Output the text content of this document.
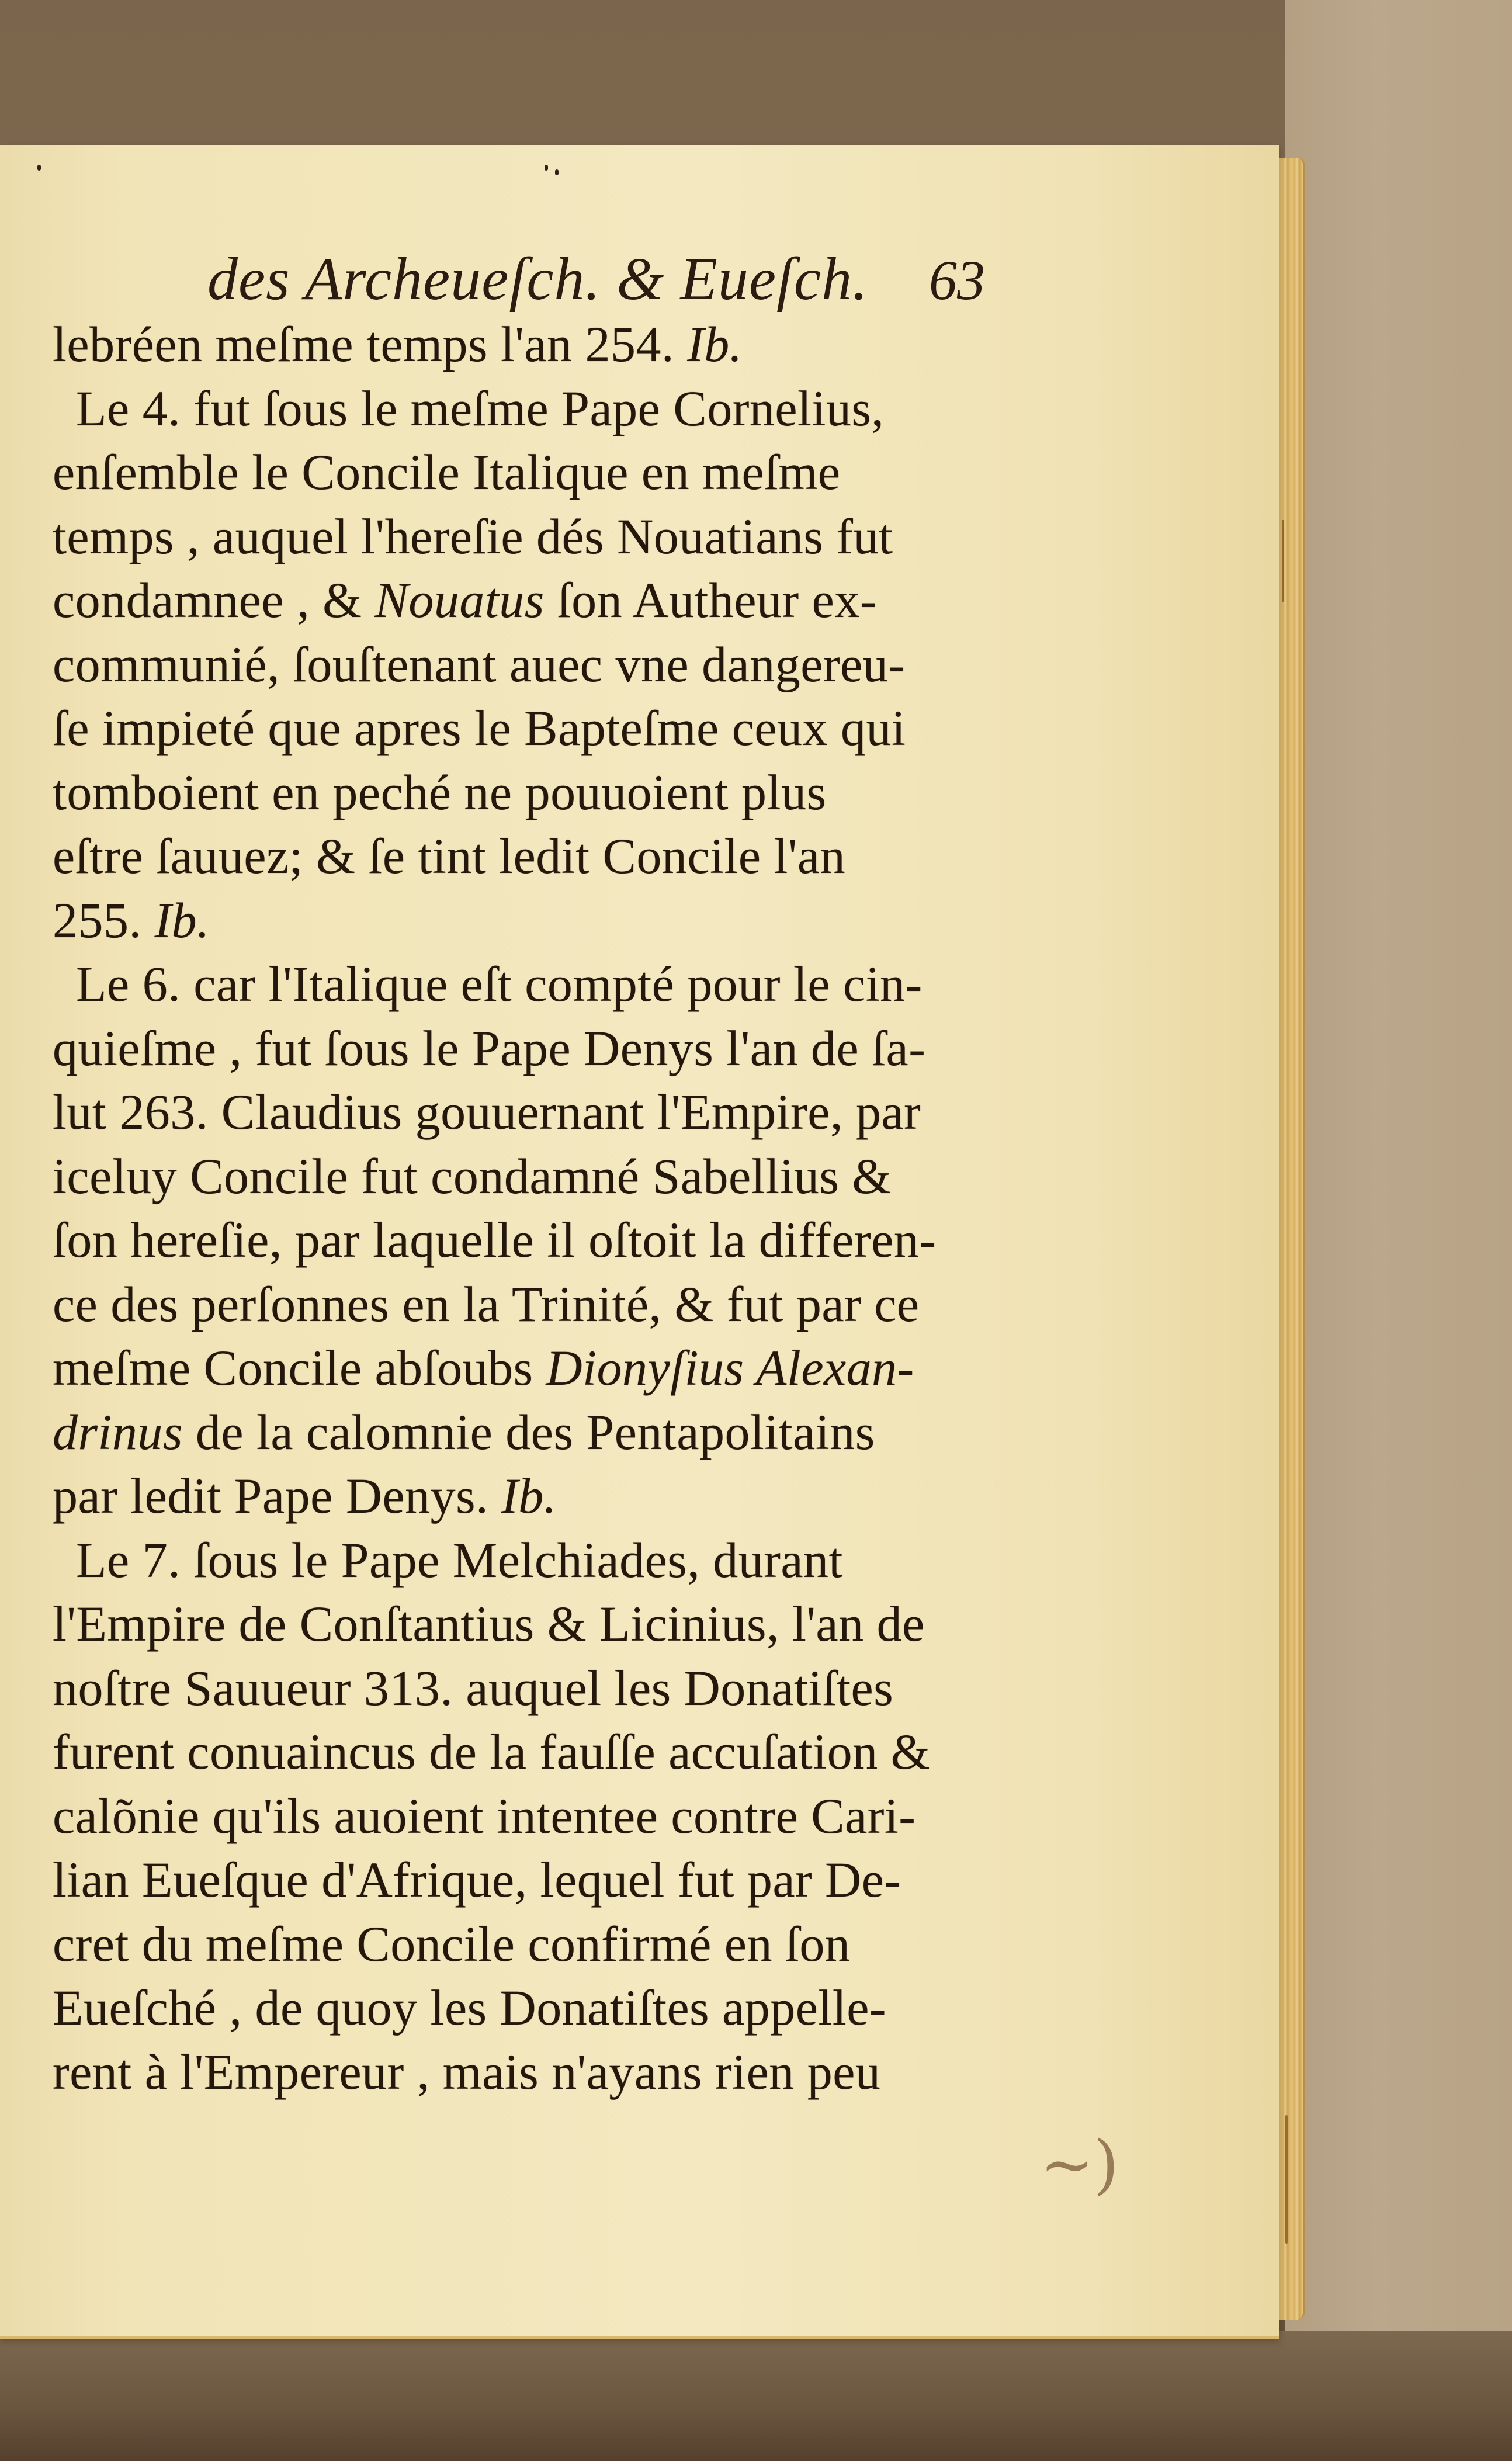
des Archeueſch. & Eueſch. 63
lebréen meſme temps l'an 254. Ib.
Le 4. fut ſous le meſme Pape Cornelius,
enſemble le Concile Italique en meſme
temps , auquel l'hereſie dés Nouatians fut
condamnee , & Nouatus ſon Autheur ex-
communié, ſouſtenant auec vne dangereu-
ſe impieté que apres le Bapteſme ceux qui
tomboient en peché ne pouuoient plus
eſtre ſauuez; & ſe tint ledit Concile l'an
255. Ib.
Le 6. car l'Italique eſt compté pour le cin-
quieſme , fut ſous le Pape Denys l'an de ſa-
lut 263. Claudius gouuernant l'Empire, par
iceluy Concile fut condamné Sabellius &
ſon hereſie, par laquelle il oſtoit la differen-
ce des perſonnes en la Trinité, & fut par ce
meſme Concile abſoubs Dionyſius Alexan-
drinus de la calomnie des Pentapolitains
par ledit Pape Denys. Ib.
Le 7. ſous le Pape Melchiades, durant
l'Empire de Conſtantius & Licinius, l'an de
noſtre Sauueur 313. auquel les Donatiſtes
furent conuaincus de la fauſſe accuſation &
calõnie qu'ils auoient intentee contre Cari-
lian Eueſque d'Afrique, lequel fut par De-
cret du meſme Concile confirmé en ſon
Eueſché , de quoy les Donatiſtes appelle-
rent à l'Empereur , mais n'ayans rien peu
~)
